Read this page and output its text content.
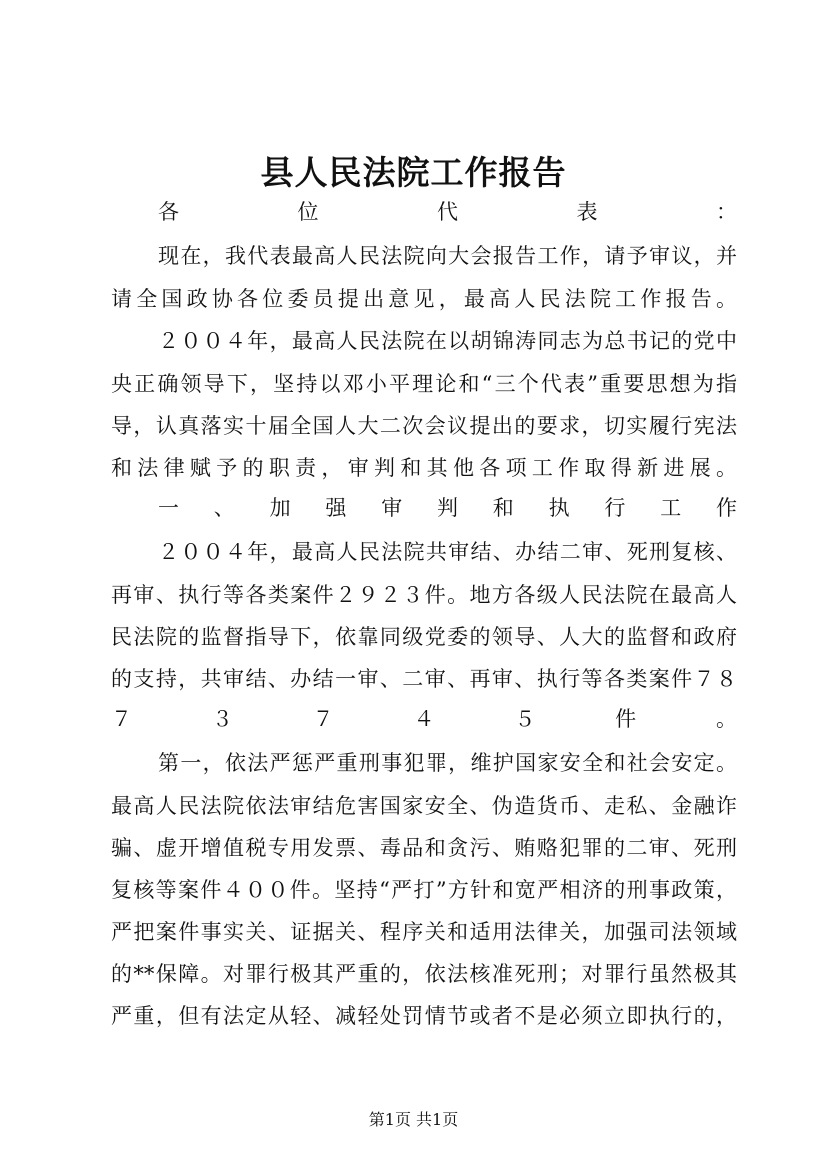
县人民法院工作报告
各位代表：
现在，我代表最高人民法院向大会报告工作，请予审议，并
请全国政协各位委员提出意见，最高人民法院工作报告。
２００４年，最高人民法院在以胡锦涛同志为总书记的党中
央正确领导下，坚持以邓小平理论和“三个代表”重要思想为指
导，认真落实十届全国人大二次会议提出的要求，切实履行宪法
和法律赋予的职责，审判和其他各项工作取得新进展。
一、加强审判和执行工作
２００４年，最高人民法院共审结、办结二审、死刑复核、
再审、执行等各类案件２９２３件。地方各级人民法院在最高人
民法院的监督指导下，依靠同级党委的领导、人大的监督和政府
的支持，共审结、办结一审、二审、再审、执行等各类案件７８
７３７４５件。
第一，依法严惩严重刑事犯罪，维护国家安全和社会安定。
最高人民法院依法审结危害国家安全、伪造货币、走私、金融诈
骗、虚开增值税专用发票、毒品和贪污、贿赂犯罪的二审、死刑
复核等案件４００件。坚持“严打”方针和宽严相济的刑事政策，
严把案件事实关、证据关、程序关和适用法律关，加强司法领域
的**保障。对罪行极其严重的，依法核准死刑；对罪行虽然极其
严重，但有法定从轻、减轻处罚情节或者不是必须立即执行的，
第1页 共1页
